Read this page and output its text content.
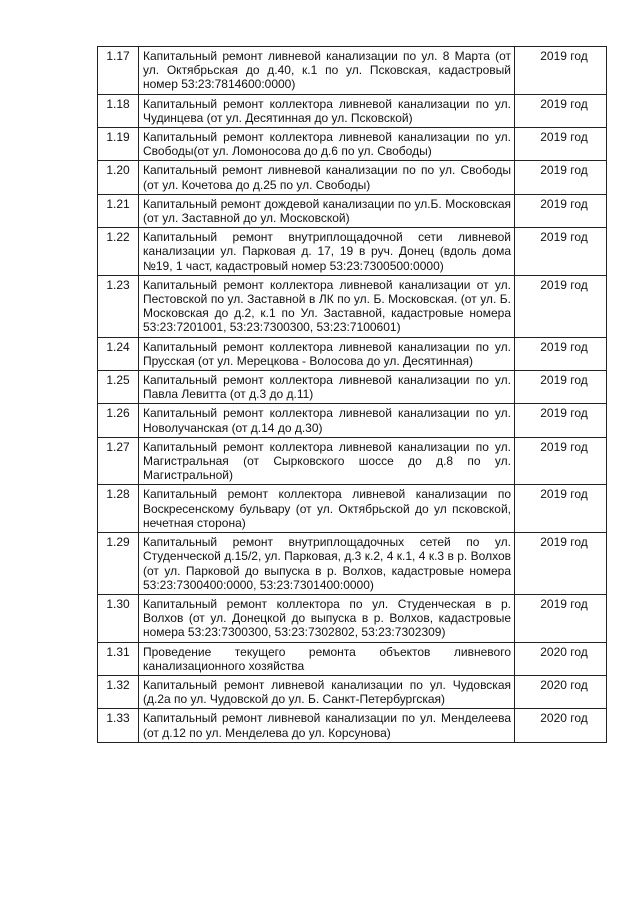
1.17	Капитальный ремонт ливневой канализации по ул. 8 Марта (от ул. Октябрьская до д.40, к.1 по ул. Псковская, кадастровый номер 53:23:7814600:0000)	2019 год
1.18	Капитальный ремонт коллектора ливневой канализации по ул. Чудинцева (от ул. Десятинная до ул. Псковской)	2019 год
1.19	Капитальный ремонт коллектора ливневой канализации по ул. Свободы(от ул. Ломоносова до д.6 по ул. Свободы)	2019 год
1.20	Капитальный ремонт ливневой канализации по по ул. Свободы (от ул. Кочетова до д.25 по ул. Свободы)	2019 год
1.21	Капитальный ремонт дождевой канализации по ул.Б. Московская (от ул. Заставной до ул. Московской)	2019 год
1.22	Капитальный ремонт внутриплощадочной сети ливневой канализации ул. Парковая д. 17, 19 в руч. Донец (вдоль дома №19, 1 част, кадастровый номер 53:23:7300500:0000)	2019 год
1.23	Капитальный ремонт коллектора ливневой канализации от ул. Пестовской по ул. Заставной в ЛК по ул. Б. Московская. (от ул. Б. Московская до д.2, к.1 по Ул. Заставной, кадастровые номера 53:23:7201001, 53:23:7300300, 53:23:7100601)	2019 год
1.24	Капитальный ремонт коллектора ливневой канализации по ул. Прусская (от ул. Мерецкова - Волосова до ул. Десятинная)	2019 год
1.25	Капитальный ремонт коллектора ливневой канализации по ул. Павла Левитта (от д.3 до д.11)	2019 год
1.26	Капитальный ремонт коллектора ливневой канализации по ул. Новолучанская (от д.14 до д.30)	2019 год
1.27	Капитальный ремонт коллектора ливневой канализации по ул. Магистральная (от Сырковского шоссе до д.8 по ул. Магистральной)	2019 год
1.28	Капитальный ремонт коллектора ливневой канализации по Воскресенскому бульвару (от ул. Октябрьской до ул псковской, нечетная сторона)	2019 год
1.29	Капитальный ремонт внутриплощадочных сетей по ул. Студенческой д.15/2, ул. Парковая, д.3 к.2, 4 к.1, 4 к.3 в р. Волхов (от ул. Парковой до выпуска в р. Волхов, кадастровые номера 53:23:7300400:0000, 53:23:7301400:0000)	2019 год
1.30	Капитальный ремонт коллектора по ул. Студенческая в р. Волхов (от ул. Донецкой до выпуска в р. Волхов, кадастровые номера 53:23:7300300, 53:23:7302802, 53:23:7302309)	2019 год
1.31	Проведение текущего ремонта объектов ливневого канализационного хозяйства	2020 год
1.32	Капитальный ремонт ливневой канализации по ул. Чудовская (д.2а по ул. Чудовской до ул. Б. Санкт-Петербургская)	2020 год
1.33	Капитальный ремонт ливневой канализации по ул. Менделеева (от д.12 по ул. Менделева до ул. Корсунова)	2020 год
